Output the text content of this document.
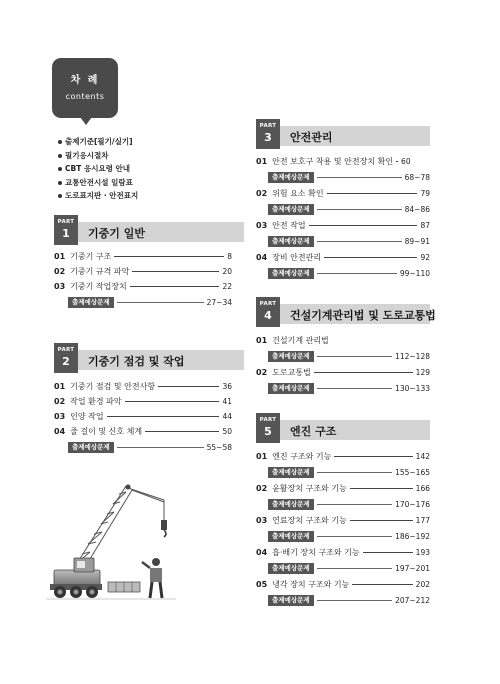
차 례
contents
출제기준[필기/실기]
필기응시절차
CBT 응시요령 안내
교통안전시설 일람표
도로표지판 · 안전표지
PART
1	기중기 일반
01 기중기 구조	8
02 기중기 규격 파악	20
03 기중기 작업장치	22
출제예상문제	27~34
PART
2	기중기 점검 및 작업
01 기중기 점검 및 안전사항	36
02 작업 환경 파악	41
03 인양 작업	44
04 줄 걸이 및 신호 체계	50
출제예상문제	55~58
PART
3	안전관리
01 안전 보호구 착용 및 안전장치 확인 60
출제예상문제	68~78
02 위험 요소 확인	79
출제예상문제	84~86
03 안전 작업	87
출제예상문제	89~91
04 장비 안전관리	92
출제예상문제	99~110
PART
4	건설기계관리법 및 도로교통법
01 건설기계 관리법
출제예상문제	112~128
02 도로교통법	129
출제예상문제	130~133
PART
5	엔진 구조
01 엔진 구조와 기능	142
출제예상문제	155~165
02 윤활장치 구조와 기능	166
출제예상문제	170~176
03 연료장치 구조와 기능	177
출제예상문제	186~192
04 흡·배기 장치 구조와 기능	193
출제예상문제	197~201
05 냉각 장치 구조와 기능	202
출제예상문제	207~212
